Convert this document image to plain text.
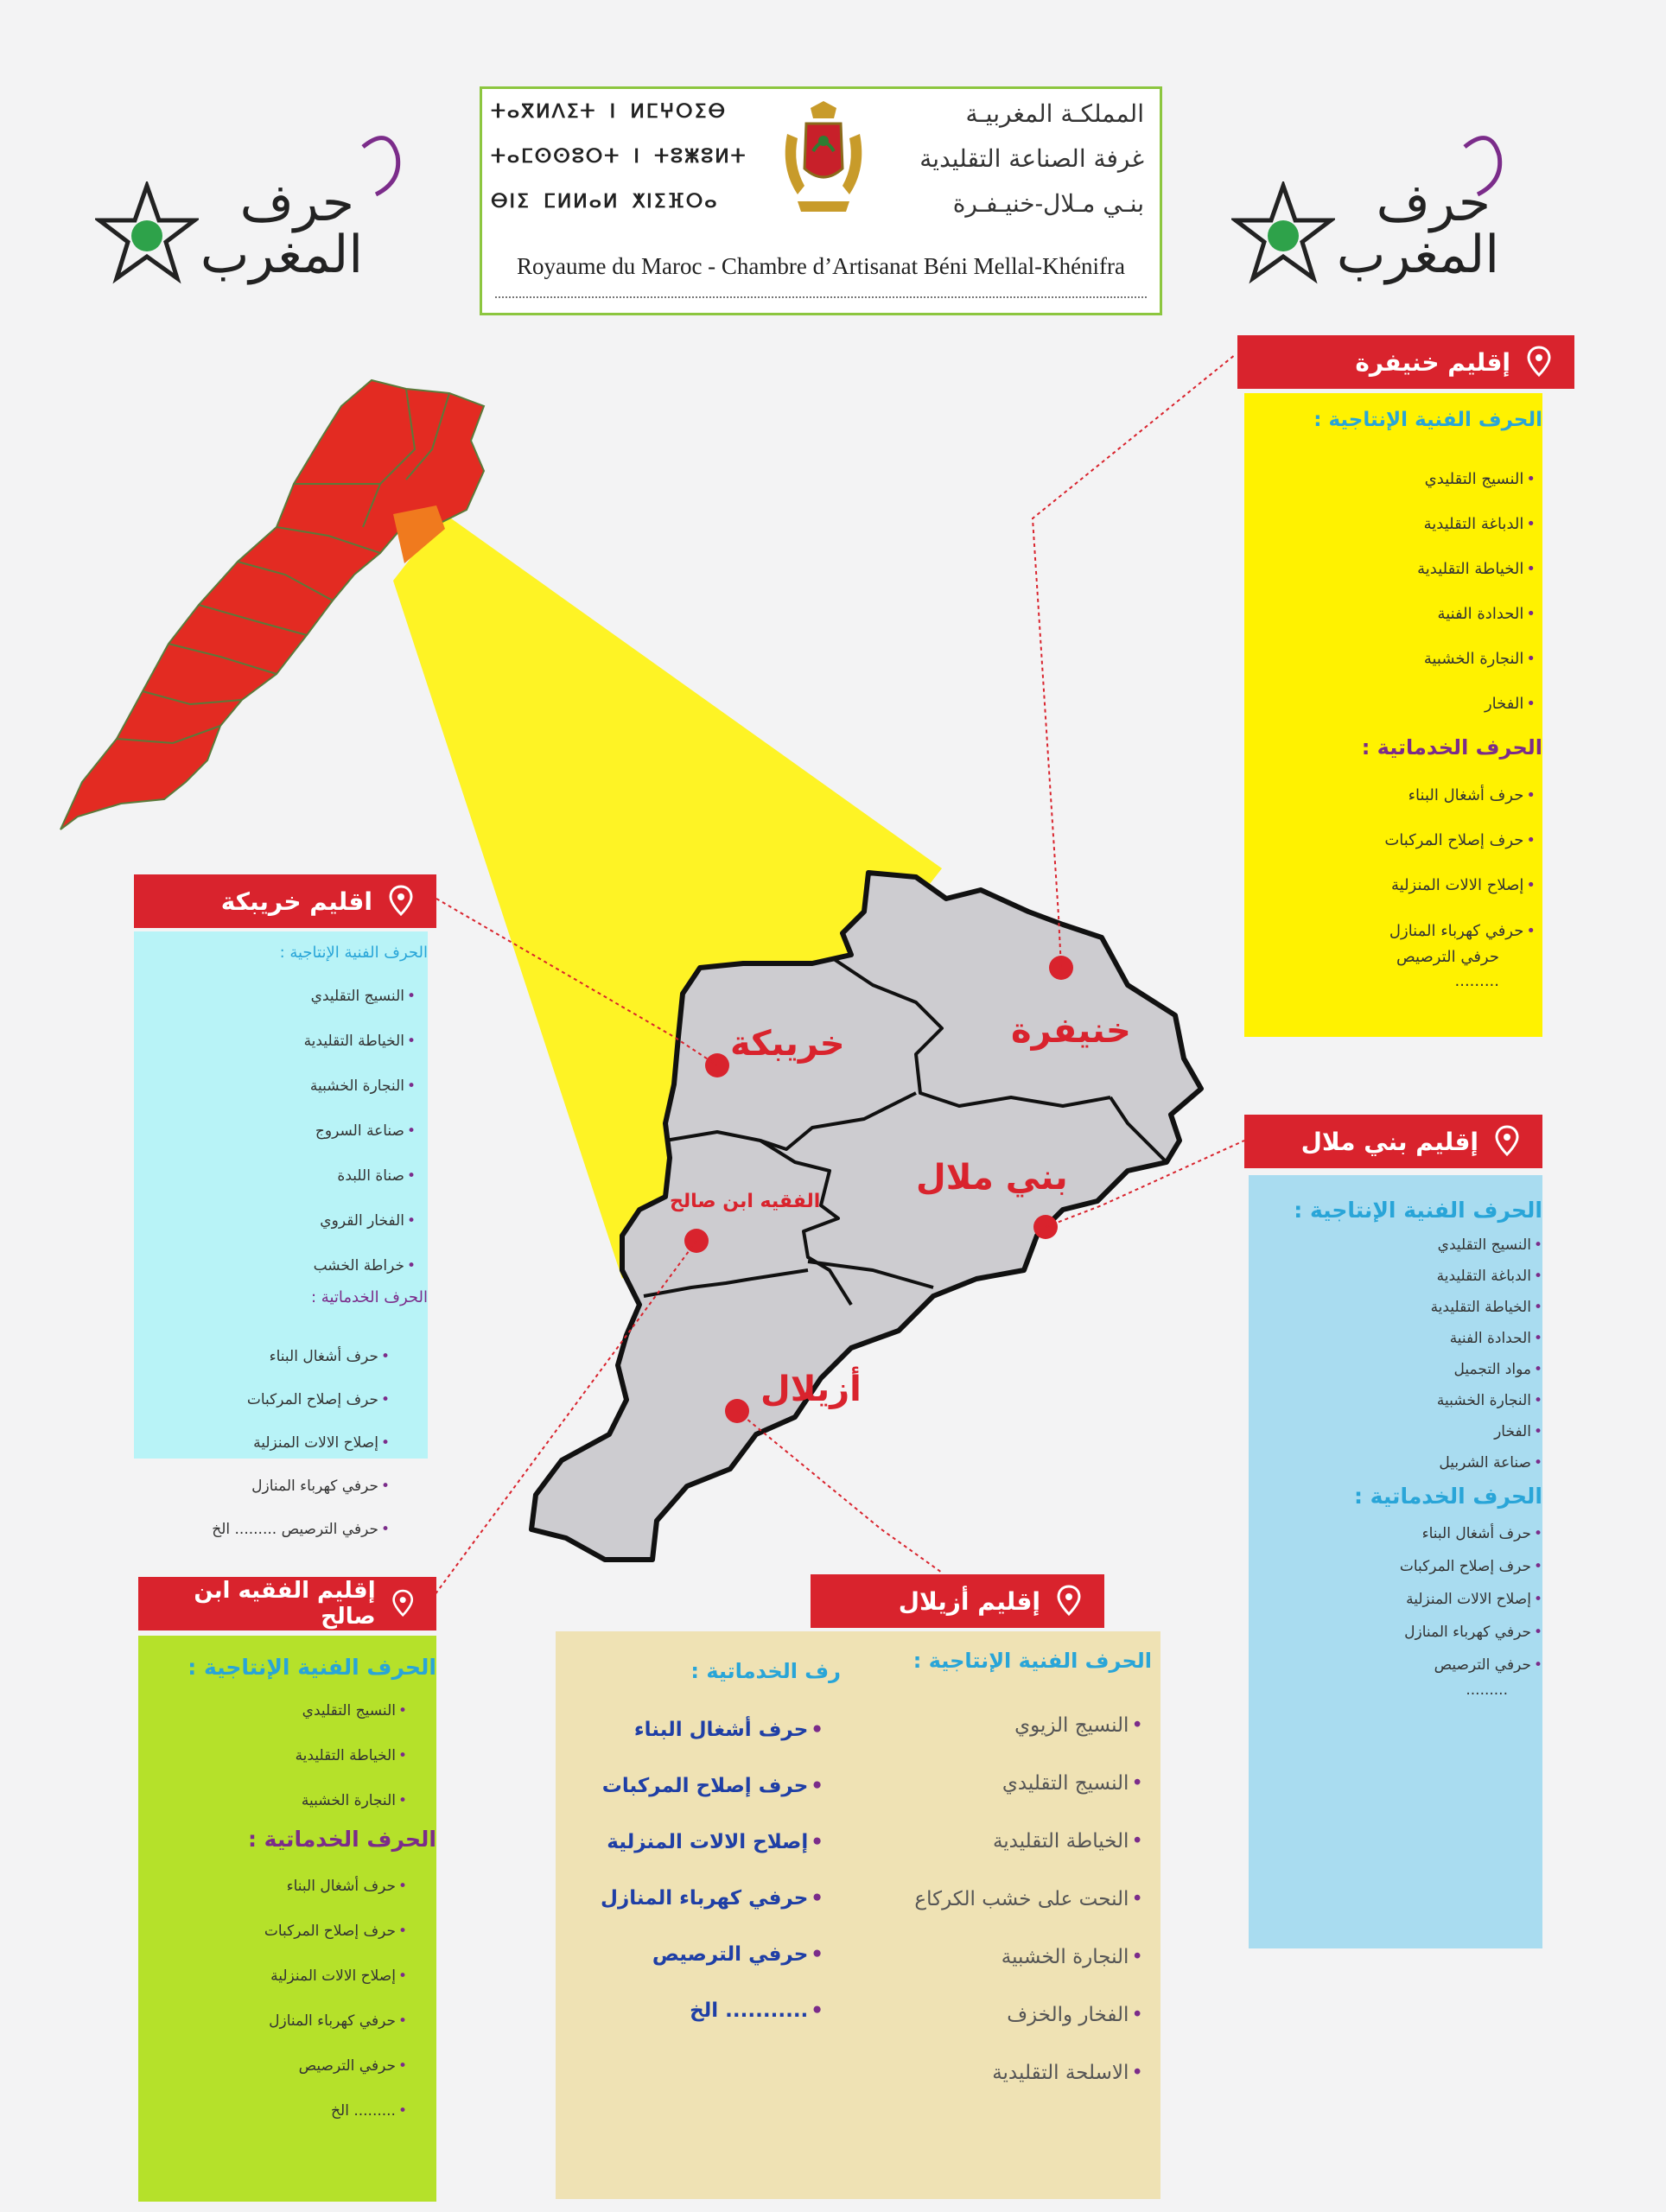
ⵜⴰⴳⵍⴷⵉⵜ ⵏ ⵍⵎⵖⵔⵉⴱ
ⵜⴰⵎⵙⵙⵓⵔⵜ ⵏ ⵜⵓⵥⵓⵍⵜ
ⴱⵏⵉ ⵎⵍⵍⴰⵍ ⵅⵏⵉⴼⵔⴰ
المملكـة المغربيـة
غرفة الصناعة التقليدية
بنـي مـلال-خنيـفـرة
Royaume du Maroc - Chambre d’Artisanat Béni Mellal-Khénifra
حرف
المغرب
حرف
المغرب
خنيفرة
خريبكة
بني ملال
الفقيه ابن صالح
أزيلال
إقليم خنيفرة

الحرف الفنية الإنتاجية :

• النسيج التقليدي

• الدباغة التقليدية

• الخياطة التقليدية

• الحدادة الفنية

• النجارة الخشبية

• الفخار

الحرف الخدماتية :

• حرف أشغال البناء

• حرف إصلاح المركبات

• إصلاح الالات المنزلية

• حرفي كهرباء المنازل

حرفي الترصيص

.........

اقليم خريبكة

الحرف الفنية الإنتاجية :

• النسيج التقليدي

• الخياطة التقليدية

• النجارة الخشبية

• صناعة السروج

• صناة اللبدة

• الفخار القروي

• خراطة الخشب

الحرف الخدماتية :

• حرف أشغال البناء

• حرف إصلاح المركبات

• إصلاح الالات المنزلية

• حرفي كهرباء المنازل

• حرفي الترصيص ......... الخ

إقليم بني ملال

الحرف الفنية الإنتاجية :

• النسيج التقليدي

• الدباغة التقليدية

• الخياطة التقليدية

• الحدادة الفنية

• مواد التجميل

• النجارة الخشبية

• الفخار

• صناعة الشربيل

الحرف الخدماتية :

• حرف أشغال البناء

• حرف إصلاح المركبات

• إصلاح الالات المنزلية

• حرفي كهرباء المنازل

• حرفي الترصيص

.........

إقليم الفقيه ابن صالح

الحرف الفنية الإنتاجية :

• النسيج التقليدي

• الخياطة التقليدية

• النجارة الخشبية

الحرف الخدماتية :

• حرف أشغال البناء

• حرف إصلاح المركبات

• إصلاح الالات المنزلية

• حرفي كهرباء المنازل

• حرفي الترصيص

• ......... الخ

إقليم أزيلال

الحرف الفنية الإنتاجية :

• النسيج الزيوي

• النسيج التقليدي

• الخياطة التقليدية

• النحت على خشب الكركاع

• النجارة الخشبية

• الفخار والخزف

• الاسلحة التقليدية

رف الخدماتية :

• حرف أشغال البناء

• حرف إصلاح المركبات

• إصلاح الالات المنزلية

• حرفي كهرباء المنازل

• حرفي الترصيص

• ........... الخ
